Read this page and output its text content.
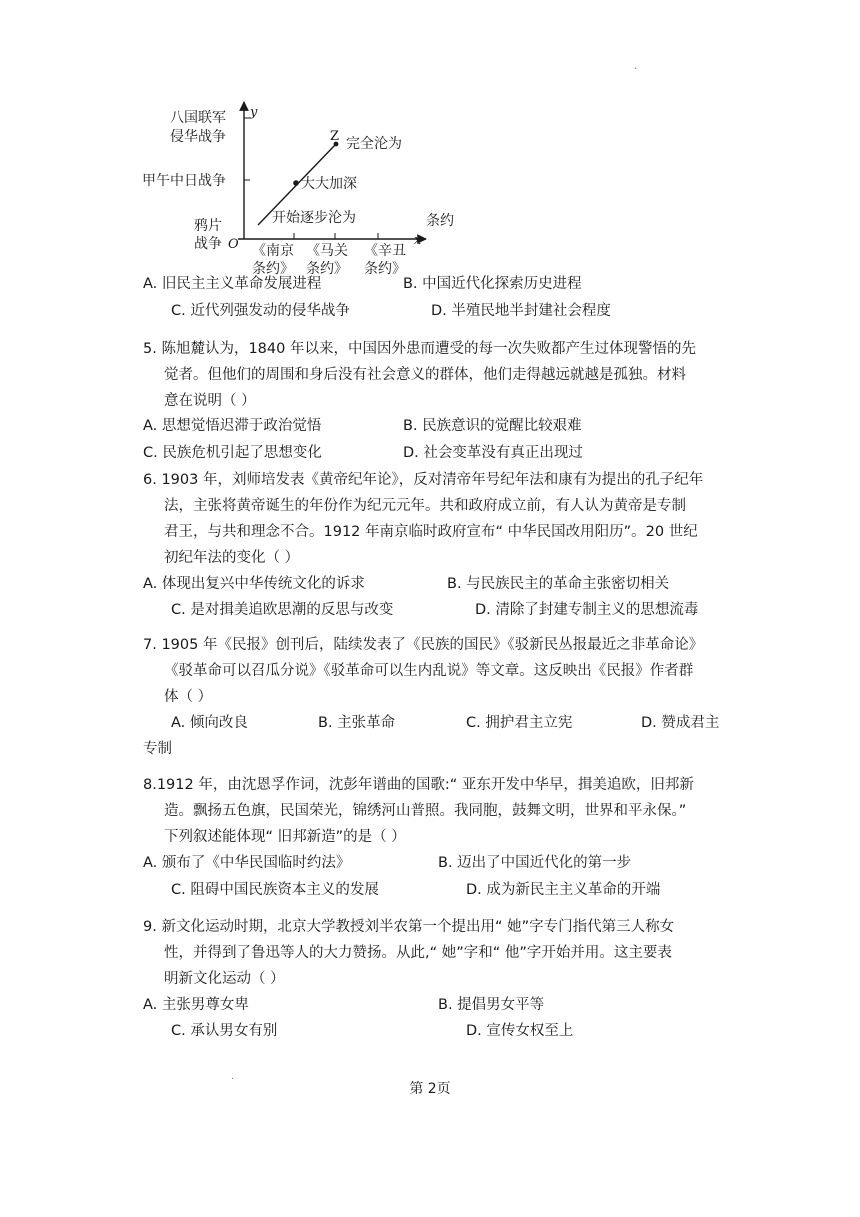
·
·
y
x
O
Z
八国联军
侵华战争
甲午中日战争
鸦片
战争 《南京
条约》
《马关
条约》
《辛丑
条约》
条约
开始逐步沦为
大大加深
完全沦为
A. 旧民主主义革命发展进程	B. 中国近代化探索历史进程
C. 近代列强发动的侵华战争	D. 半殖民地半封建社会程度
5. 陈旭麓认为，1840 年以来，中国因外患而遭受的每一次失败都产生过体现警悟的先
觉者。但他们的周围和身后没有社会意义的群体，他们走得越远就越是孤独。材料
意在说明（ ）
A. 思想觉悟迟滞于政治觉悟	B. 民族意识的觉醒比较艰难
C. 民族危机引起了思想变化	D. 社会变革没有真正出现过
6. 1903 年，刘师培发表《黄帝纪年论》，反对清帝年号纪年法和康有为提出的孔子纪年
法，主张将黄帝诞生的年份作为纪元元年。共和政府成立前，有人认为黄帝是专制
君王，与共和理念不合。1912 年南京临时政府宣布“ 中华民国改用阳历”。20 世纪
初纪年法的变化（ ）
A. 体现出复兴中华传统文化的诉求	B. 与民族民主的革命主张密切相关
C. 是对揖美追欧思潮的反思与改变	D. 清除了封建专制主义的思想流毒
7. 1905 年《民报》创刊后，陆续发表了《民族的国民》《驳新民丛报最近之非革命论》
《驳革命可以召瓜分说》《驳革命可以生内乱说》等文章。这反映出《民报》作者群
体（ ）
A. 倾向改良	B. 主张革命	C. 拥护君主立宪	D. 赞成君主
专制
8.1912 年，由沈恩孚作词，沈彭年谱曲的国歌:“ 亚东开发中华早，揖美追欧，旧邦新
造。飘扬五色旗，民国荣光，锦绣河山普照。我同胞，鼓舞文明，世界和平永保。”
下列叙述能体现“ 旧邦新造”的是（ ）
A. 颁布了《中华民国临时约法》	B. 迈出了中国近代化的第一步
C. 阻碍中国民族资本主义的发展	D. 成为新民主主义革命的开端
9. 新文化运动时期，北京大学教授刘半农第一个提出用“ 她”字专门指代第三人称女
性，并得到了鲁迅等人的大力赞扬。从此,“ 她”字和“ 他”字开始并用。这主要表
明新文化运动（ ）
A. 主张男尊女卑	B. 提倡男女平等
C. 承认男女有别	D. 宣传女权至上
第 2页
